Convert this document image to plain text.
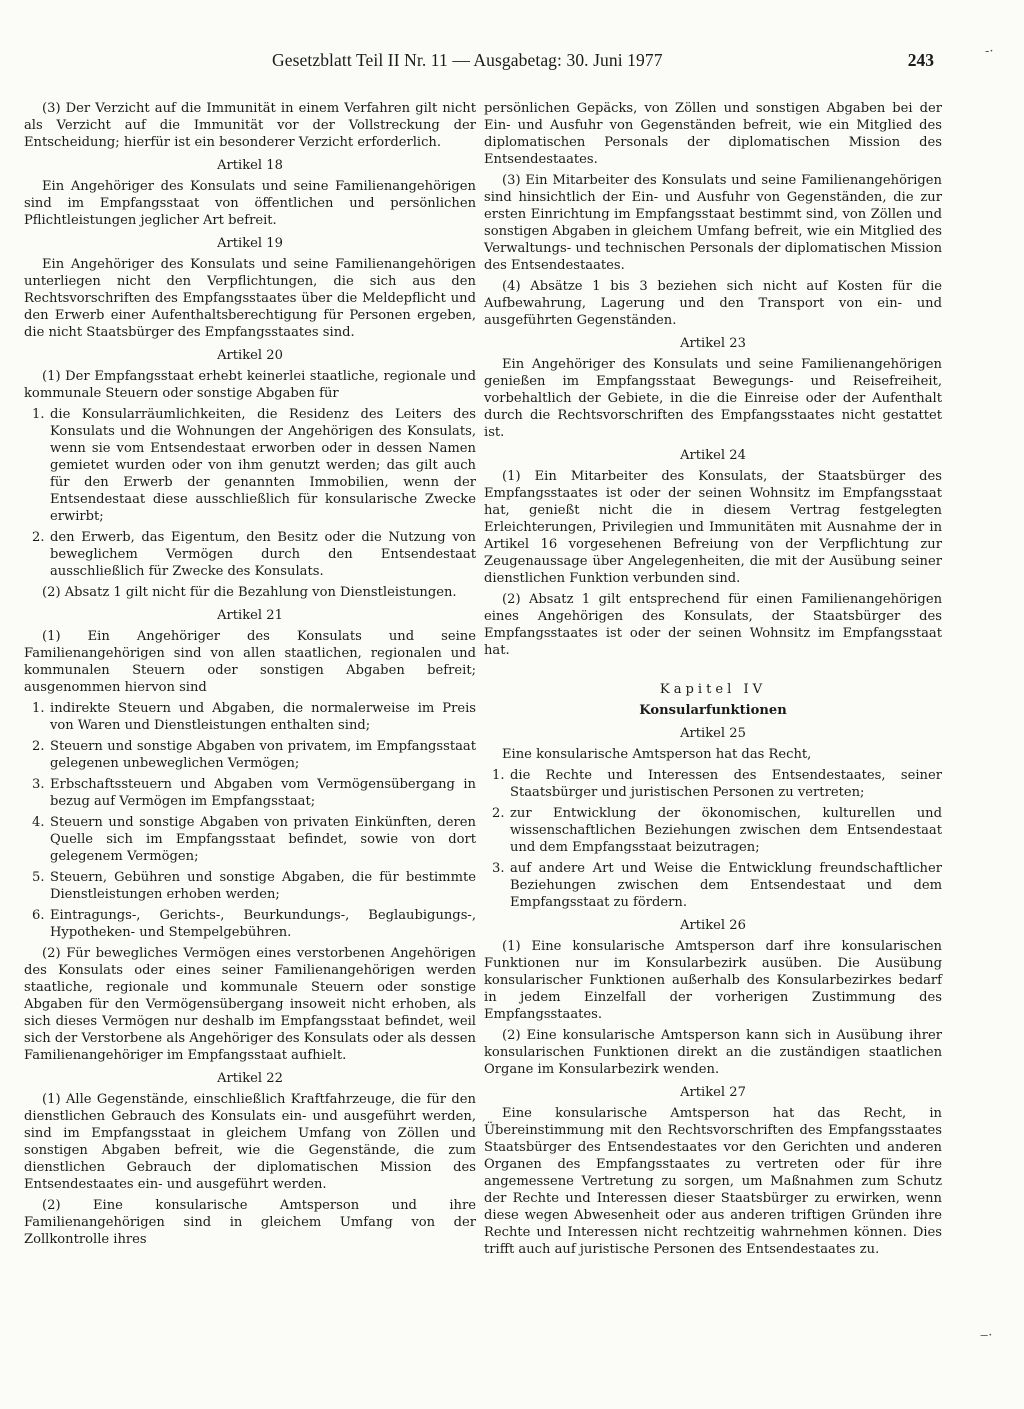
Gesetzblatt Teil II Nr. 11 — Ausgabetag: 30. Juni 1977	243

(3) Der Verzicht auf die Immunität in einem Verfahren gilt nicht als Verzicht auf die Immunität vor der Vollstreckung der Entscheidung; hierfür ist ein besonderer Verzicht erforderlich.

Artikel 18

Ein Angehöriger des Konsulats und seine Familienangehörigen sind im Empfangsstaat von öffentlichen und persönlichen Pflichtleistungen jeglicher Art befreit.

Artikel 19

Ein Angehöriger des Konsulats und seine Familienangehörigen unterliegen nicht den Verpflichtungen, die sich aus den Rechtsvorschriften des Empfangsstaates über die Meldepflicht und den Erwerb einer Aufenthaltsberechtigung für Personen ergeben, die nicht Staatsbürger des Empfangsstaates sind.

Artikel 20

(1) Der Empfangsstaat erhebt keinerlei staatliche, regionale und kommunale Steuern oder sonstige Abgaben für

1. die Konsularräumlichkeiten, die Residenz des Leiters des Konsulats und die Wohnungen der Angehörigen des Konsulats, wenn sie vom Entsendestaat erworben oder in dessen Namen gemietet wurden oder von ihm genutzt werden; das gilt auch für den Erwerb der genannten Immobilien, wenn der Entsendestaat diese ausschließlich für konsularische Zwecke erwirbt;
2. den Erwerb, das Eigentum, den Besitz oder die Nutzung von beweglichem Vermögen durch den Entsendestaat ausschließlich für Zwecke des Konsulats.

(2) Absatz 1 gilt nicht für die Bezahlung von Dienstleistungen.

Artikel 21

(1) Ein Angehöriger des Konsulats und seine Familienangehörigen sind von allen staatlichen, regionalen und kommunalen Steuern oder sonstigen Abgaben befreit; ausgenommen hiervon sind

1. indirekte Steuern und Abgaben, die normalerweise im Preis von Waren und Dienstleistungen enthalten sind;
2. Steuern und sonstige Abgaben von privatem, im Empfangsstaat gelegenen unbeweglichen Vermögen;
3. Erbschaftssteuern und Abgaben vom Vermögensübergang in bezug auf Vermögen im Empfangsstaat;
4. Steuern und sonstige Abgaben von privaten Einkünften, deren Quelle sich im Empfangsstaat befindet, sowie von dort gelegenem Vermögen;
5. Steuern, Gebühren und sonstige Abgaben, die für bestimmte Dienstleistungen erhoben werden;
6. Eintragungs-, Gerichts-, Beurkundungs-, Beglaubigungs-, Hypotheken- und Stempelgebühren.

(2) Für bewegliches Vermögen eines verstorbenen Angehörigen des Konsulats oder eines seiner Familienangehörigen werden staatliche, regionale und kommunale Steuern oder sonstige Abgaben für den Vermögensübergang insoweit nicht erhoben, als sich dieses Vermögen nur deshalb im Empfangsstaat befindet, weil sich der Verstorbene als Angehöriger des Konsulats oder als dessen Familienangehöriger im Empfangsstaat aufhielt.

Artikel 22

(1) Alle Gegenstände, einschließlich Kraftfahrzeuge, die für den dienstlichen Gebrauch des Konsulats ein- und ausgeführt werden, sind im Empfangsstaat in gleichem Umfang von Zöllen und sonstigen Abgaben befreit, wie die Gegenstände, die zum dienstlichen Gebrauch der diplomatischen Mission des Entsendestaates ein- und ausgeführt werden.

(2) Eine konsularische Amtsperson und ihre Familienangehörigen sind in gleichem Umfang von der Zollkontrolle ihres

persönlichen Gepäcks, von Zöllen und sonstigen Abgaben bei der Ein- und Ausfuhr von Gegenständen befreit, wie ein Mitglied des diplomatischen Personals der diplomatischen Mission des Entsendestaates.

(3) Ein Mitarbeiter des Konsulats und seine Familienangehörigen sind hinsichtlich der Ein- und Ausfuhr von Gegenständen, die zur ersten Einrichtung im Empfangsstaat bestimmt sind, von Zöllen und sonstigen Abgaben in gleichem Umfang befreit, wie ein Mitglied des Verwaltungs- und technischen Personals der diplomatischen Mission des Entsendestaates.

(4) Absätze 1 bis 3 beziehen sich nicht auf Kosten für die Aufbewahrung, Lagerung und den Transport von ein- und ausgeführten Gegenständen.

Artikel 23

Ein Angehöriger des Konsulats und seine Familienangehörigen genießen im Empfangsstaat Bewegungs- und Reisefreiheit, vorbehaltlich der Gebiete, in die die Einreise oder der Aufenthalt durch die Rechtsvorschriften des Empfangsstaates nicht gestattet ist.

Artikel 24

(1) Ein Mitarbeiter des Konsulats, der Staatsbürger des Empfangsstaates ist oder der seinen Wohnsitz im Empfangsstaat hat, genießt nicht die in diesem Vertrag festgelegten Erleichterungen, Privilegien und Immunitäten mit Ausnahme der in Artikel 16 vorgesehenen Befreiung von der Verpflichtung zur Zeugenaussage über Angelegenheiten, die mit der Ausübung seiner dienstlichen Funktion verbunden sind.

(2) Absatz 1 gilt entsprechend für einen Familienangehörigen eines Angehörigen des Konsulats, der Staatsbürger des Empfangsstaates ist oder der seinen Wohnsitz im Empfangsstaat hat.

Kapitel IV
Konsularfunktionen
Artikel 25

Eine konsularische Amtsperson hat das Recht,

1. die Rechte und Interessen des Entsendestaates, seiner Staatsbürger und juristischen Personen zu vertreten;
2. zur Entwicklung der ökonomischen, kulturellen und wissenschaftlichen Beziehungen zwischen dem Entsendestaat und dem Empfangsstaat beizutragen;
3. auf andere Art und Weise die Entwicklung freundschaftlicher Beziehungen zwischen dem Entsendestaat und dem Empfangsstaat zu fördern.
Artikel 26

(1) Eine konsularische Amtsperson darf ihre konsularischen Funktionen nur im Konsularbezirk ausüben. Die Ausübung konsularischer Funktionen außerhalb des Konsularbezirkes bedarf in jedem Einzelfall der vorherigen Zustimmung des Empfangsstaates.

(2) Eine konsularische Amtsperson kann sich in Ausübung ihrer konsularischen Funktionen direkt an die zuständigen staatlichen Organe im Konsularbezirk wenden.

Artikel 27

Eine konsularische Amtsperson hat das Recht, in Übereinstimmung mit den Rechtsvorschriften des Empfangsstaates Staatsbürger des Entsendestaates vor den Gerichten und anderen Organen des Empfangsstaates zu vertreten oder für ihre angemessene Vertretung zu sorgen, um Maßnahmen zum Schutz der Rechte und Interessen dieser Staatsbürger zu erwirken, wenn diese wegen Abwesenheit oder aus anderen triftigen Gründen ihre Rechte und Interessen nicht rechtzeitig wahrnehmen können. Dies trifft auch auf juristische Personen des Entsendestaates zu.

-·
‒·
